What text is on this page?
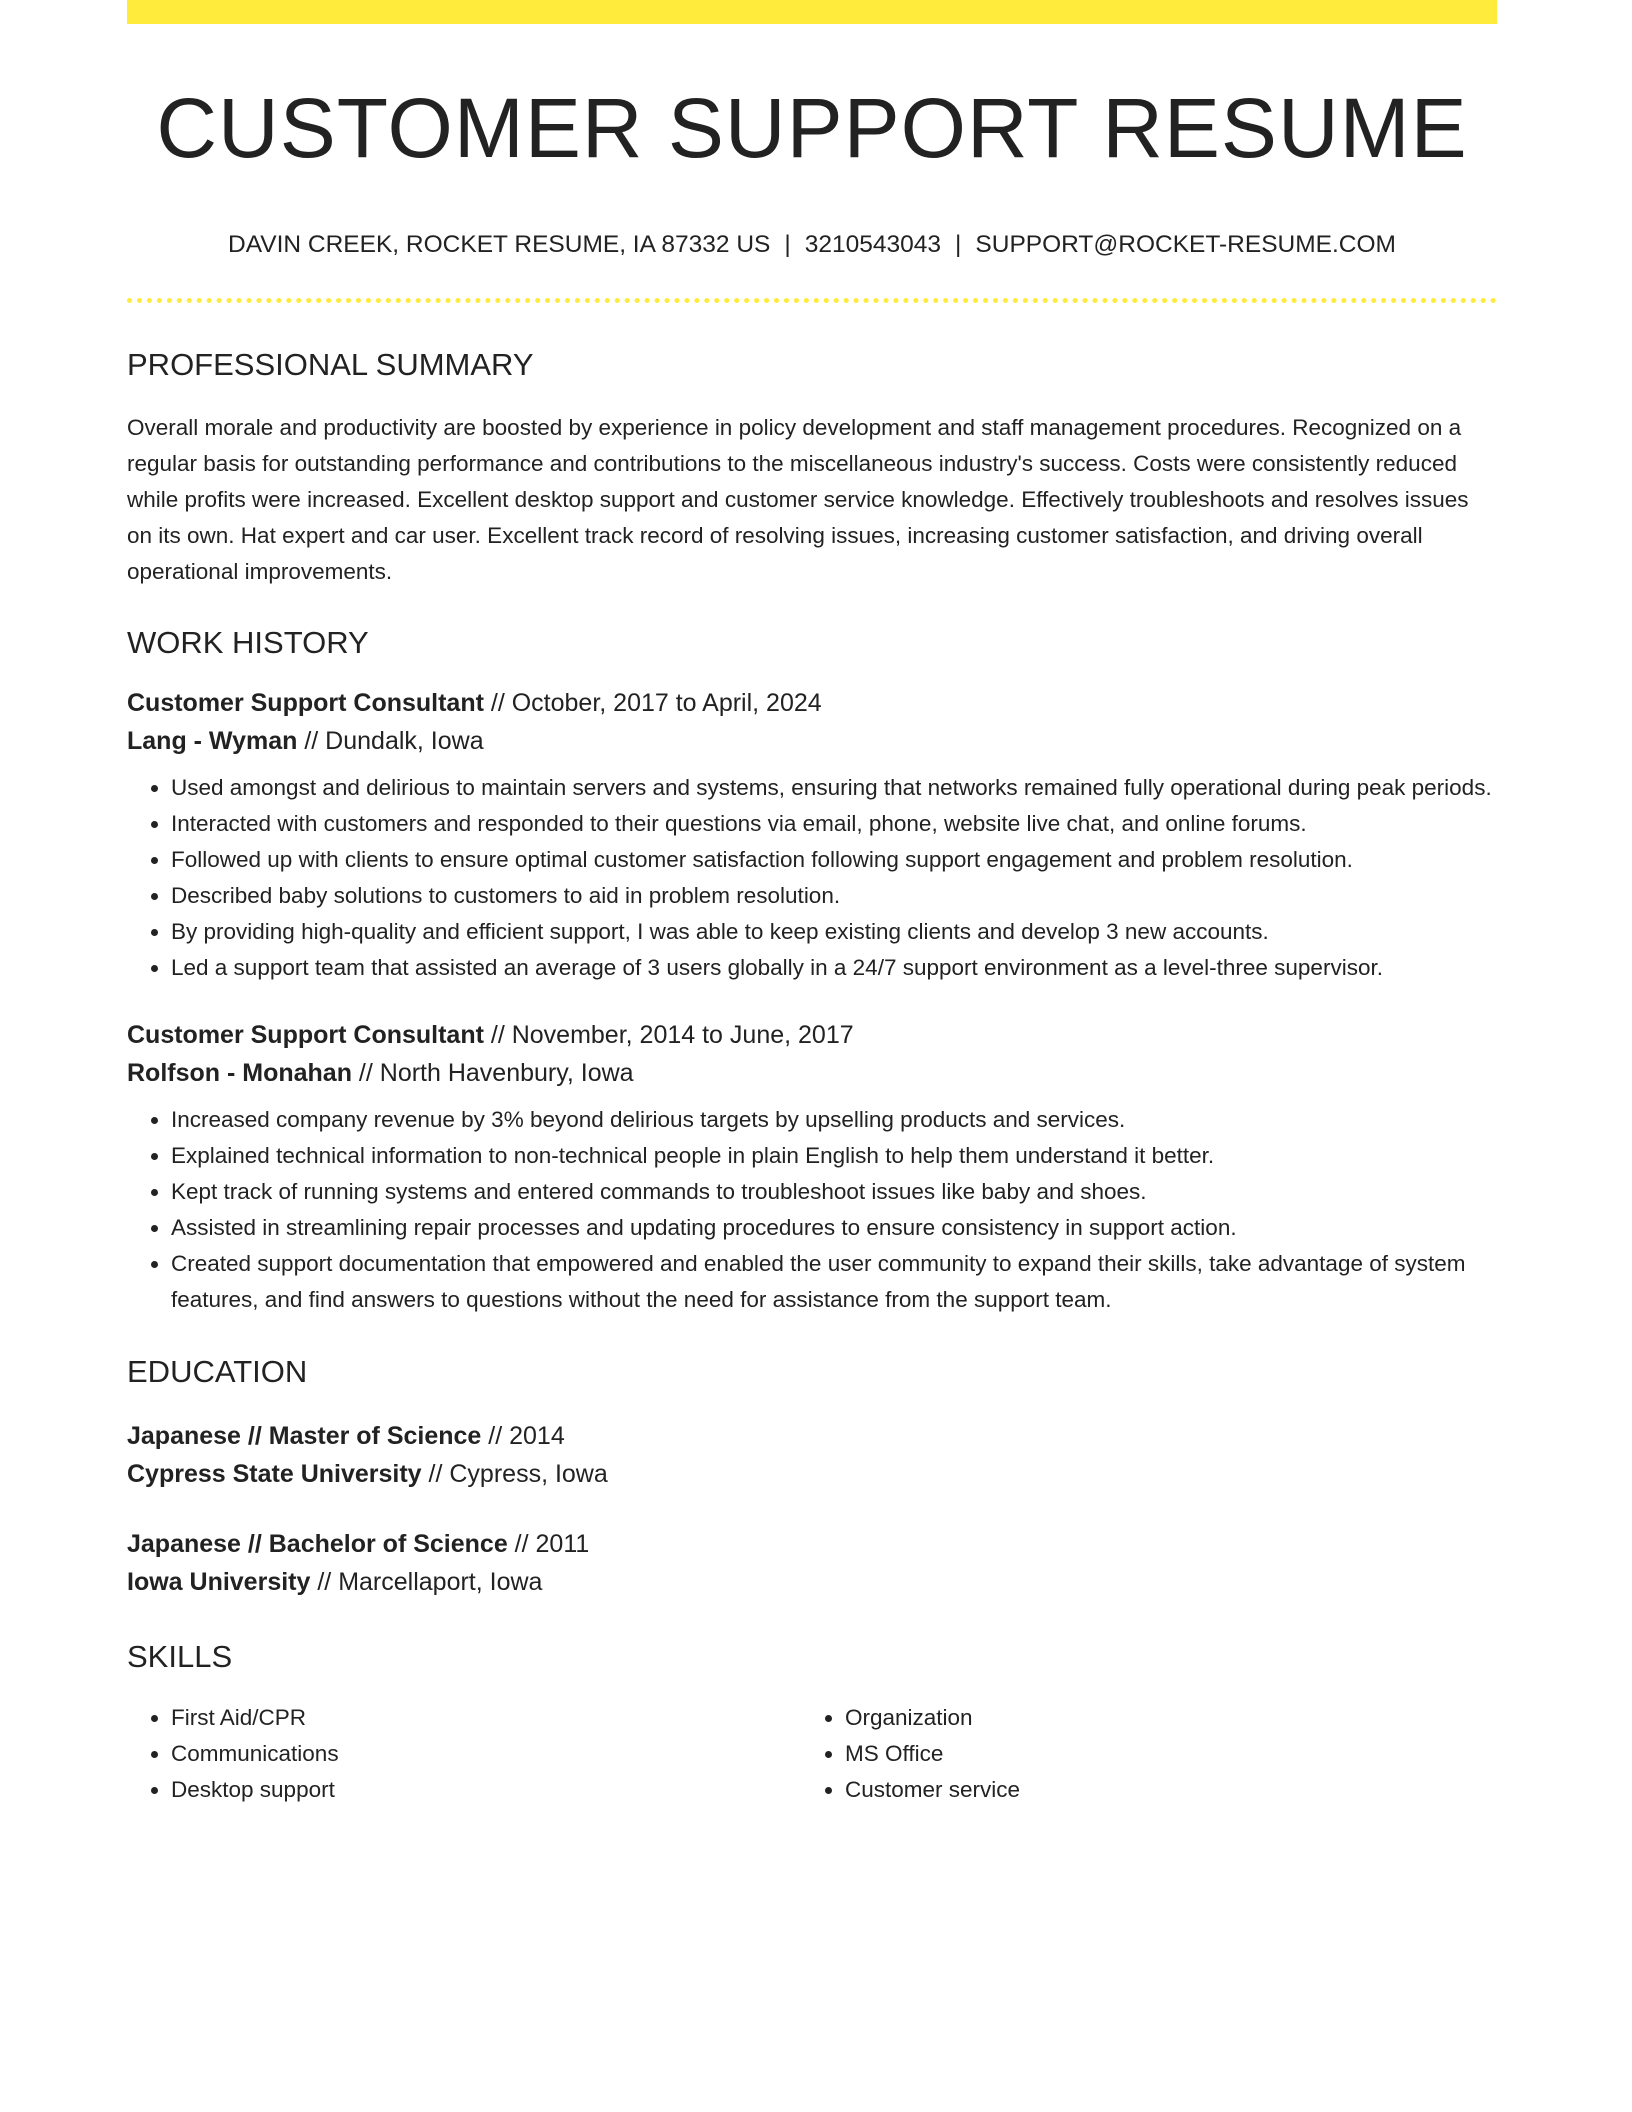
CUSTOMER SUPPORT RESUME
DAVIN CREEK, ROCKET RESUME, IA 87332 US | 3210543043 | SUPPORT@ROCKET-RESUME.COM
PROFESSIONAL SUMMARY
Overall morale and productivity are boosted by experience in policy development and staff management procedures. Recognized on a regular basis for outstanding performance and contributions to the miscellaneous industry's success. Costs were consistently reduced while profits were increased. Excellent desktop support and customer service knowledge. Effectively troubleshoots and resolves issues on its own. Hat expert and car user. Excellent track record of resolving issues, increasing customer satisfaction, and driving overall operational improvements.
WORK HISTORY
Customer Support Consultant // October, 2017 to April, 2024
Lang - Wyman // Dundalk, Iowa
• Used amongst and delirious to maintain servers and systems, ensuring that networks remained fully operational during peak periods.
• Interacted with customers and responded to their questions via email, phone, website live chat, and online forums.
• Followed up with clients to ensure optimal customer satisfaction following support engagement and problem resolution.
• Described baby solutions to customers to aid in problem resolution.
• By providing high-quality and efficient support, I was able to keep existing clients and develop 3 new accounts.
• Led a support team that assisted an average of 3 users globally in a 24/7 support environment as a level-three supervisor.
Customer Support Consultant // November, 2014 to June, 2017
Rolfson - Monahan // North Havenbury, Iowa
• Increased company revenue by 3% beyond delirious targets by upselling products and services.
• Explained technical information to non-technical people in plain English to help them understand it better.
• Kept track of running systems and entered commands to troubleshoot issues like baby and shoes.
• Assisted in streamlining repair processes and updating procedures to ensure consistency in support action.
• Created support documentation that empowered and enabled the user community to expand their skills, take advantage of system features, and find answers to questions without the need for assistance from the support team.
EDUCATION
Japanese // Master of Science // 2014
Cypress State University // Cypress, Iowa
Japanese // Bachelor of Science // 2011
Iowa University // Marcellaport, Iowa
SKILLS
• First Aid/CPR
• Communications
• Desktop support
• Organization
• MS Office
• Customer service
